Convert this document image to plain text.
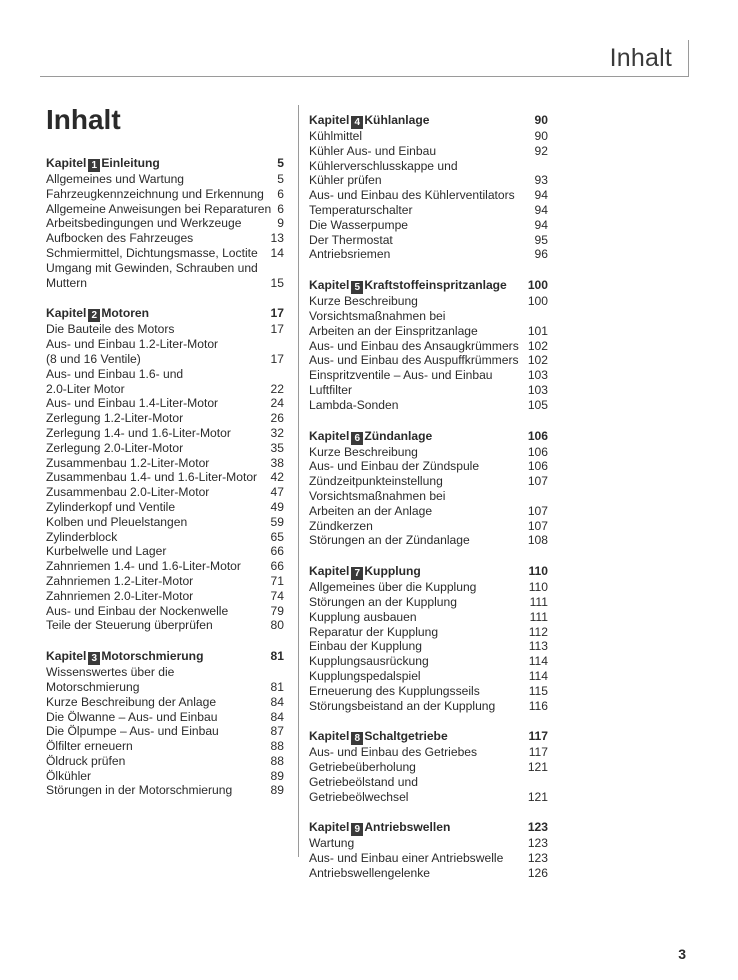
Inhalt
Inhalt
Kapitel 1 Einleitung	5
Allgemeines und Wartung	5
Fahrzeugkennzeichnung und Erkennung	6
Allgemeine Anweisungen bei Reparaturen 6
Arbeitsbedingungen und Werkzeuge	9
Aufbocken des Fahrzeuges	13
Schmiermittel, Dichtungsmasse, Loctite	14
Umgang mit Gewinden, Schrauben und
Muttern	15
Kapitel 2 Motoren	17
Die Bauteile des Motors	17
Aus- und Einbau 1.2-Liter-Motor
(8 und 16 Ventile)	17
Aus- und Einbau 1.6- und
2.0-Liter Motor	22
Aus- und Einbau 1.4-Liter-Motor	24
Zerlegung 1.2-Liter-Motor	26
Zerlegung 1.4- und 1.6-Liter-Motor	32
Zerlegung 2.0-Liter-Motor	35
Zusammenbau 1.2-Liter-Motor	38
Zusammenbau 1.4- und 1.6-Liter-Motor	42
Zusammenbau 2.0-Liter-Motor	47
Zylinderkopf und Ventile	49
Kolben und Pleuelstangen	59
Zylinderblock	65
Kurbelwelle und Lager	66
Zahnriemen 1.4- und 1.6-Liter-Motor	66
Zahnriemen 1.2-Liter-Motor	71
Zahnriemen 2.0-Liter-Motor	74
Aus- und Einbau der Nockenwelle	79
Teile der Steuerung überprüfen	80
Kapitel 3 Motorschmierung	81
Wissenswertes über die
Motorschmierung	81
Kurze Beschreibung der Anlage	84
Die Ölwanne – Aus- und Einbau	84
Die Ölpumpe – Aus- und Einbau	87
Ölfilter erneuern	88
Öldruck prüfen	88
Ölkühler	89
Störungen in der Motorschmierung	89
Kapitel 4 Kühlanlage	90
Kühlmittel	90
Kühler Aus- und Einbau	92
Kühlerverschlusskappe und
Kühler prüfen	93
Aus- und Einbau des Kühlerventilators	94
Temperaturschalter	94
Die Wasserpumpe	94
Der Thermostat	95
Antriebsriemen	96
Kapitel 5 Kraftstoffeinspritzanlage	100
Kurze Beschreibung	100
Vorsichtsmaßnahmen bei
Arbeiten an der Einspritzanlage	101
Aus- und Einbau des Ansaugkrümmers 102
Aus- und Einbau des Auspuffkrümmers 102
Einspritzventile – Aus- und Einbau	103
Luftfilter	103
Lambda-Sonden	105
Kapitel 6 Zündanlage	106
Kurze Beschreibung	106
Aus- und Einbau der Zündspule	106
Zündzeitpunkteinstellung	107
Vorsichtsmaßnahmen bei
Arbeiten an der Anlage	107
Zündkerzen	107
Störungen an der Zündanlage	108
Kapitel 7 Kupplung	110
Allgemeines über die Kupplung	110
Störungen an der Kupplung	111
Kupplung ausbauen	111
Reparatur der Kupplung	112
Einbau der Kupplung	113
Kupplungsausrückung	114
Kupplungspedalspiel	114
Erneuerung des Kupplungsseils	115
Störungsbeistand an der Kupplung	116
Kapitel 8 Schaltgetriebe	117
Aus- und Einbau des Getriebes	117
Getriebeüberholung	121
Getriebeölstand und
Getriebeölwechsel	121
Kapitel 9 Antriebswellen	123
Wartung	123
Aus- und Einbau einer Antriebswelle	123
Antriebswellengelenke	126
3
